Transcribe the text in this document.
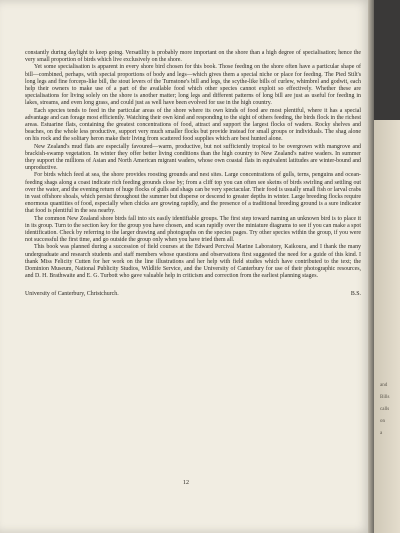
constantly during daylight to keep going. Versatility is probably more important on the shore than a high degree of specialisation; hence the very small proportion of birds which live exclusively on the shore.

Yet some specialisation is apparent in every shore bird chosen for this book. Those feeding on the shore often have a particular shape of bill—combined, perhaps, with special proportions of body and legs—which gives them a special niche or place for feeding. The Pied Stilt's long legs and fine forceps-like bill, the stout levers of the Turnstone's bill and legs, the scythe-like bills of curlew, whimbrel and godwit, each help their owners to make use of a part of the available food which other species cannot exploit so effectively. Whether these are specialisations for living solely on the shore is another matter; long legs and different patterns of long bill are just as useful for feeding in lakes, streams, and even long grass, and could just as well have been evolved for use in the high country.

Each species tends to feed in the particular areas of the shore where its own kinds of food are most plentiful, where it has a special advantage and can forage most efficiently. Watching their own kind and responding to the sight of others feeding, the birds flock in the richest areas. Estuarine flats, containing the greatest concentrations of food, attract and support the largest flocks of waders. Rocky shelves and beaches, on the whole less productive, support very much smaller flocks but provide instead for small groups or individuals. The shag alone on his rock and the solitary heron make their living from scattered food supplies which are best hunted alone.

New Zealand's mud flats are especially favoured—warm, productive, but not sufficiently tropical to be overgrown with mangrove and brackish-swamp vegetation. In winter they offer better living conditions than the high country to New Zealand's native waders. In summer they support the millions of Asian and North American migrant waders, whose own coastal flats in equivalent latitudes are winter-bound and unproductive.

For birds which feed at sea, the shore provides roosting grounds and nest sites. Large concentrations of gulls, terns, penguins and ocean-feeding shags along a coast indicate rich feeding grounds close by; from a cliff top you can often see skeins of birds swirling and settling out over the water, and the evening return of huge flocks of gulls and shags can be very spectacular. Their food is usually small fish or larval crabs in vast offshore shoals, which persist throughout the summer but disperse or descend to greater depths in winter. Large breeding flocks require enormous quantities of food, especially when chicks are growing rapidly, and the presence of a traditional breeding ground is a sure indicator that food is plentiful in the sea nearby.

The common New Zealand shore birds fall into six easily identifiable groups. The first step toward naming an unknown bird is to place it in its group. Turn to the section key for the group you have chosen, and scan rapidly over the miniature diagrams to see if you can make a spot identification. Check by referring to the larger drawing and photographs on the species pages. Try other species within the group, if you were not successful the first time, and go outside the group only when you have tried them all.

This book was planned during a succession of field courses at the Edward Percival Marine Laboratory, Kaikoura, and I thank the many undergraduate and research students and staff members whose questions and observations first suggested the need for a guide of this kind. I thank Miss Felicity Cutten for her work on the line illustrations and her help with field studies which have contributed to the text; the Dominion Museum, National Publicity Studios, Wildlife Service, and the University of Canterbury for use of their photographic resources, and D. H. Brathwaite and E. G. Turbott who gave valuable help in criticism and correction from the earliest planning stages.

University of Canterbury, Christchurch.	B.S.
12
and
Bills
calls
on
a
